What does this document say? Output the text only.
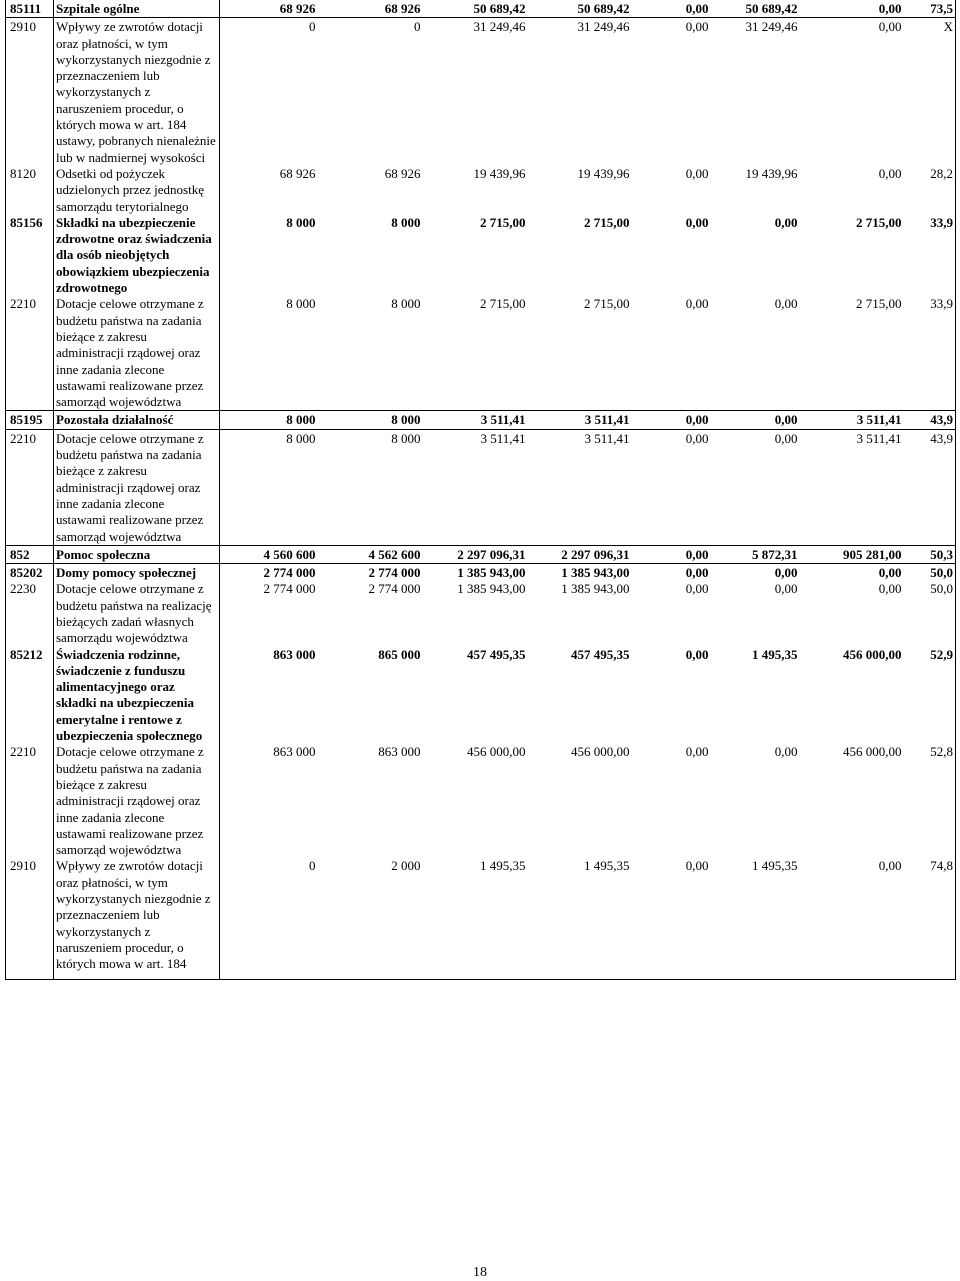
85111	Szpitale ogólne	68 926	68 926	50 689,42	50 689,42	0,00	50 689,42	0,00	73,5
2910	Wpływy ze zwrotów dotacji oraz płatności, w tym wykorzystanych niezgodnie z przeznaczeniem lub wykorzystanych z naruszeniem procedur, o których mowa w art. 184 ustawy, pobranych nienależnie lub w nadmiernej wysokości	0	0	31 249,46	31 249,46	0,00	31 249,46	0,00	X
8120	Odsetki od pożyczek udzielonych przez jednostkę samorządu terytorialnego	68 926	68 926	19 439,96	19 439,96	0,00	19 439,96	0,00	28,2
85156	Składki na ubezpieczenie zdrowotne oraz świadczenia dla osób nieobjętych obowiązkiem ubezpieczenia zdrowotnego	8 000	8 000	2 715,00	2 715,00	0,00	0,00	2 715,00	33,9
2210	Dotacje celowe otrzymane z budżetu państwa na zadania bieżące z zakresu administracji rządowej oraz inne zadania zlecone ustawami realizowane przez samorząd województwa	8 000	8 000	2 715,00	2 715,00	0,00	0,00	2 715,00	33,9
85195	Pozostała działalność	8 000	8 000	3 511,41	3 511,41	0,00	0,00	3 511,41	43,9
2210	Dotacje celowe otrzymane z budżetu państwa na zadania bieżące z zakresu administracji rządowej oraz inne zadania zlecone ustawami realizowane przez samorząd województwa	8 000	8 000	3 511,41	3 511,41	0,00	0,00	3 511,41	43,9
852	Pomoc społeczna	4 560 600	4 562 600	2 297 096,31	2 297 096,31	0,00	5 872,31	905 281,00	50,3
85202	Domy pomocy społecznej	2 774 000	2 774 000	1 385 943,00	1 385 943,00	0,00	0,00	0,00	50,0
2230	Dotacje celowe otrzymane z budżetu państwa na realizację bieżących zadań własnych samorządu województwa	2 774 000	2 774 000	1 385 943,00	1 385 943,00	0,00	0,00	0,00	50,0
85212	Świadczenia rodzinne, świadczenie z funduszu alimentacyjnego oraz składki na ubezpieczenia emerytalne i rentowe z ubezpieczenia społecznego	863 000	865 000	457 495,35	457 495,35	0,00	1 495,35	456 000,00	52,9
2210	Dotacje celowe otrzymane z budżetu państwa na zadania bieżące z zakresu administracji rządowej oraz inne zadania zlecone ustawami realizowane przez samorząd województwa	863 000	863 000	456 000,00	456 000,00	0,00	0,00	456 000,00	52,8
2910	Wpływy ze zwrotów dotacji oraz płatności, w tym wykorzystanych niezgodnie z przeznaczeniem lub wykorzystanych z naruszeniem procedur, o których mowa w art. 184	0	2 000	1 495,35	1 495,35	0,00	1 495,35	0,00	74,8

18
